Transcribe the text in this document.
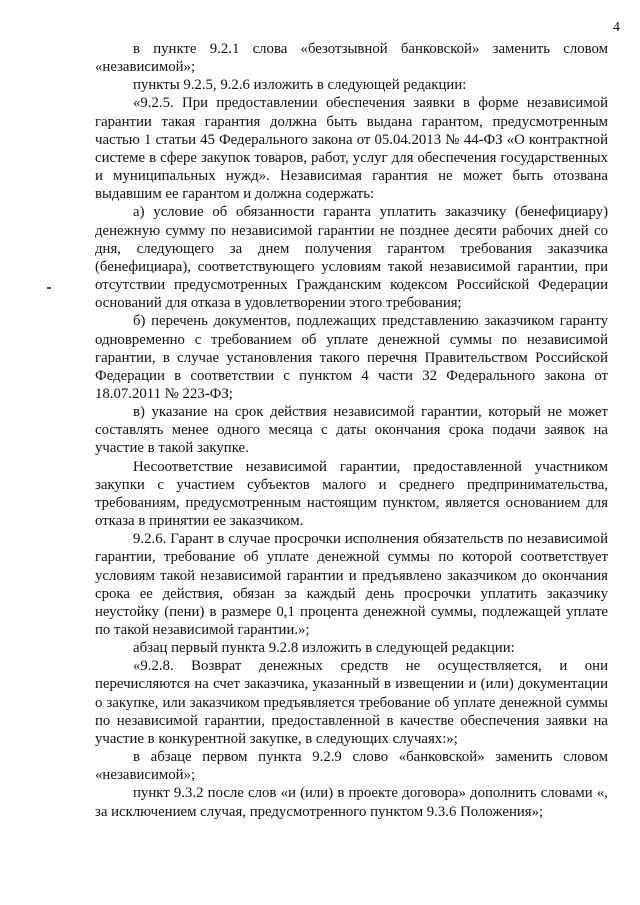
4

в пункте 9.2.1 слова «безотзывной банковской» заменить словом «независимой»;

пункты 9.2.5, 9.2.6 изложить в следующей редакции:

«9.2.5. При предоставлении обеспечения заявки в форме независимой гарантии такая гарантия должна быть выдана гарантом, предусмотренным частью 1 статьи 45 Федерального закона от 05.04.2013 № 44-ФЗ «О контрактной системе в сфере закупок товаров, работ, услуг для обеспечения государственных и муниципальных нужд». Независимая гарантия не может быть отозвана выдавшим ее гарантом и должна содержать:

а) условие об обязанности гаранта уплатить заказчику (бенефициару) денежную сумму по независимой гарантии не позднее десяти рабочих дней со дня, следующего за днем получения гарантом требования заказчика (бенефициара), соответствующего условиям такой независимой гарантии, при отсутствии предусмотренных Гражданским кодексом Российской Федерации оснований для отказа в удовлетворении этого требования;

б) перечень документов, подлежащих представлению заказчиком гаранту одновременно с требованием об уплате денежной суммы по независимой гарантии, в случае установления такого перечня Правительством Российской Федерации в соответствии с пунктом 4 части 32 Федерального закона от 18.07.2011 № 223-ФЗ;

в) указание на срок действия независимой гарантии, который не может составлять менее одного месяца с даты окончания срока подачи заявок на участие в такой закупке.

Несоответствие независимой гарантии, предоставленной участником закупки с участием субъектов малого и среднего предпринимательства, требованиям, предусмотренным настоящим пунктом, является основанием для отказа в принятии ее заказчиком.

9.2.6. Гарант в случае просрочки исполнения обязательств по независимой гарантии, требование об уплате денежной суммы по которой соответствует условиям такой независимой гарантии и предъявлено заказчиком до окончания срока ее действия, обязан за каждый день просрочки уплатить заказчику неустойку (пени) в размере 0,1 процента денежной суммы, подлежащей уплате по такой независимой гарантии.»;

абзац первый пункта 9.2.8 изложить в следующей редакции:

«9.2.8. Возврат денежных средств не осуществляется, и они перечисляются на счет заказчика, указанный в извещении и (или) документации о закупке, или заказчиком предъявляется требование об уплате денежной суммы по независимой гарантии, предоставленной в качестве обеспечения заявки на участие в конкурентной закупке, в следующих случаях:»;

в абзаце первом пункта 9.2.9 слово «банковской» заменить словом «независимой»;

пункт 9.3.2 после слов «и (или) в проекте договора» дополнить словами «, за исключением случая, предусмотренного пунктом 9.3.6 Положения»;
